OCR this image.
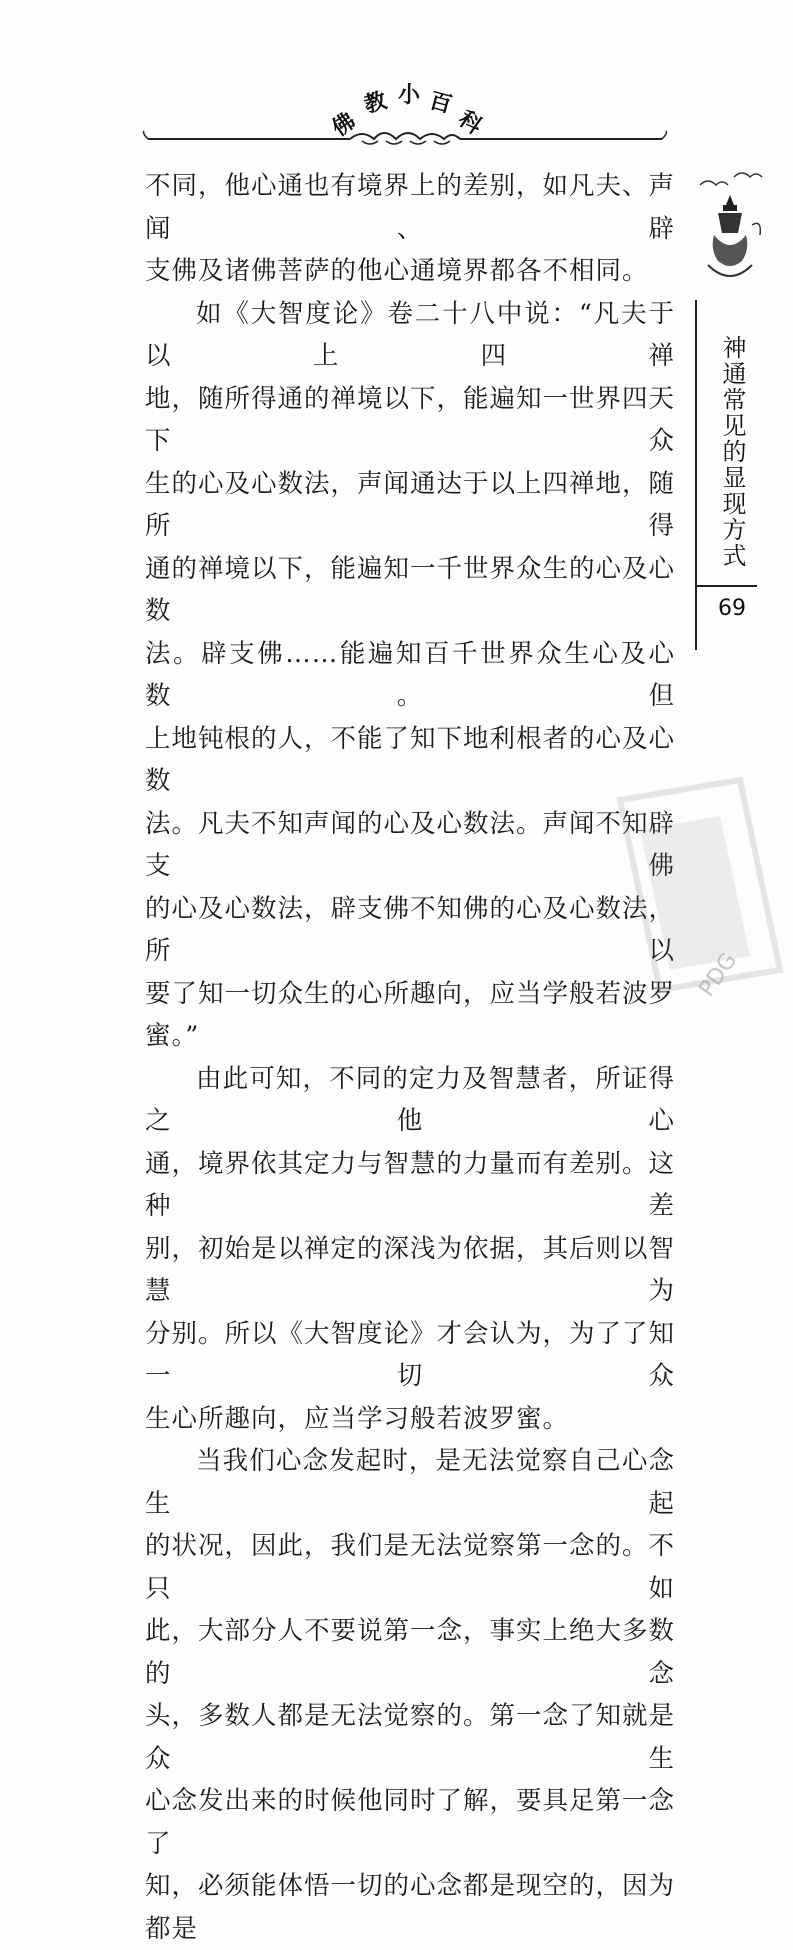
佛
教 小 百
科

不同，他心通也有境界上的差别，如凡夫、声闻、辟

支佛及诸佛菩萨的他心通境界都各不相同。

如《大智度论》卷二十八中说：“凡夫于以上四禅

地，随所得通的禅境以下，能遍知一世界四天下众

生的心及心数法，声闻通达于以上四禅地，随所得

通的禅境以下，能遍知一千世界众生的心及心数

法。辟支佛……能遍知百千世界众生心及心数。但

上地钝根的人，不能了知下地利根者的心及心数

法。凡夫不知声闻的心及心数法。声闻不知辟支佛

的心及心数法，辟支佛不知佛的心及心数法，所以

要了知一切众生的心所趣向，应当学般若波罗蜜。”

由此可知，不同的定力及智慧者，所证得之他心

通，境界依其定力与智慧的力量而有差别。这种差

别，初始是以禅定的深浅为依据，其后则以智慧为

分别。所以《大智度论》才会认为，为了了知一切众

生心所趣向，应当学习般若波罗蜜。

当我们心念发起时，是无法觉察自己心念生起

的状况，因此，我们是无法觉察第一念的。不只如

此，大部分人不要说第一念，事实上绝大多数的念

头，多数人都是无法觉察的。第一念了知就是众生

心念发出来的时候他同时了解，要具足第一念了

知，必须能体悟一切的心念都是现空的，因为都是

神通常见的显现方式
69
PDG
